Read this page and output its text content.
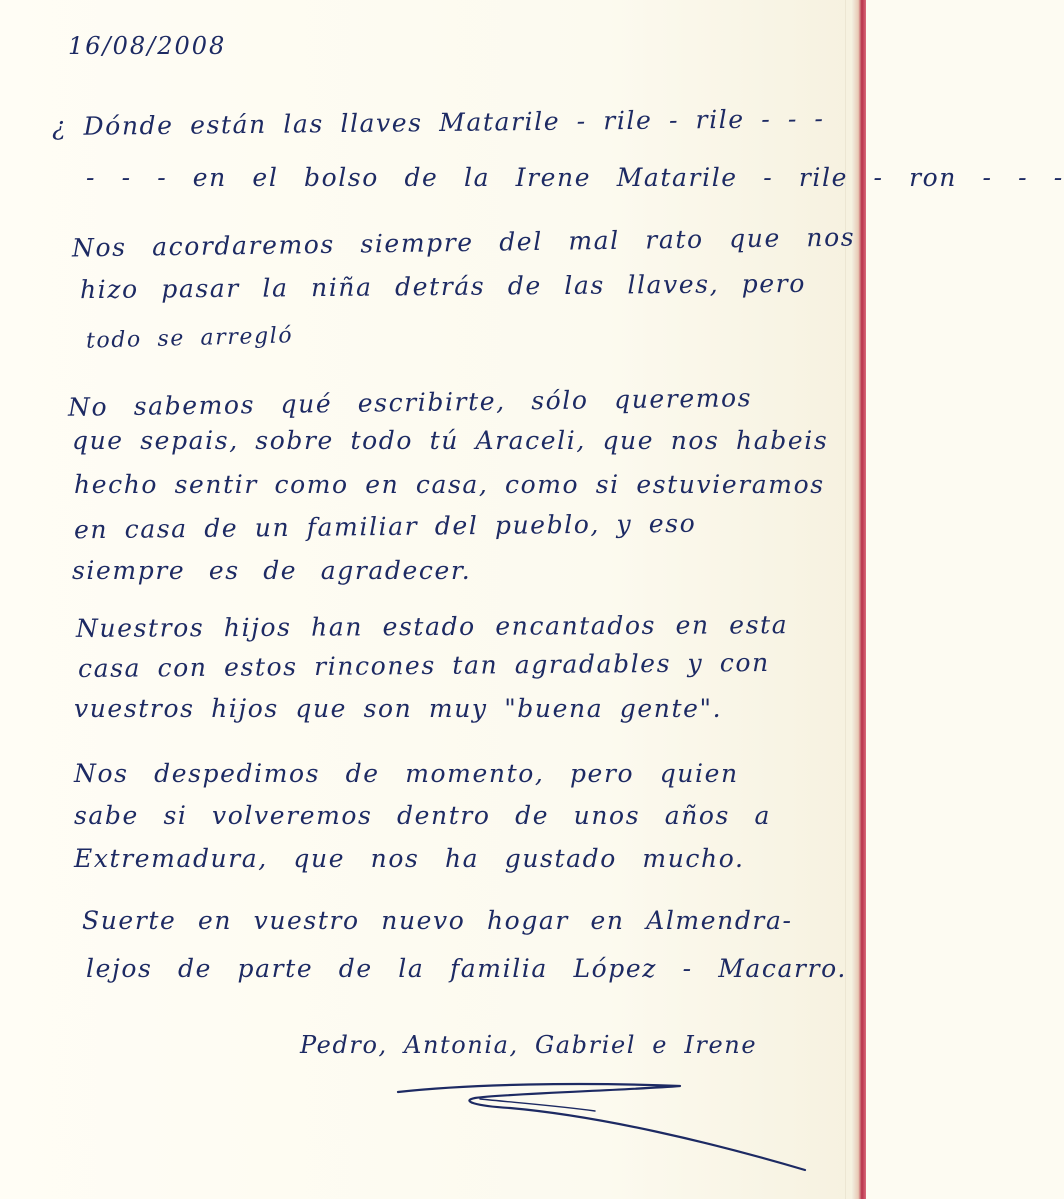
16/08/2008

¿ Dónde están las llaves Matarile - rile - rile - - -

- - - en el bolso de la Irene Matarile - rile - ron - - -

Nos acordaremos siempre del mal rato que nos

hizo pasar la niña detrás de las llaves, pero

todo se arregló

No sabemos qué escribirte, sólo queremos

que sepais, sobre todo tú Araceli, que nos habeis

hecho sentir como en casa, como si estuvieramos

en casa de un familiar del pueblo, y eso

siempre es de agradecer.

Nuestros hijos han estado encantados en esta

casa con estos rincones tan agradables y con

vuestros hijos que son muy "buena gente".

Nos despedimos de momento, pero quien

sabe si volveremos dentro de unos años a

Extremadura, que nos ha gustado mucho.

Suerte en vuestro nuevo hogar en Almendra-

lejos de parte de la familia López - Macarro.

Pedro, Antonia, Gabriel e Irene
